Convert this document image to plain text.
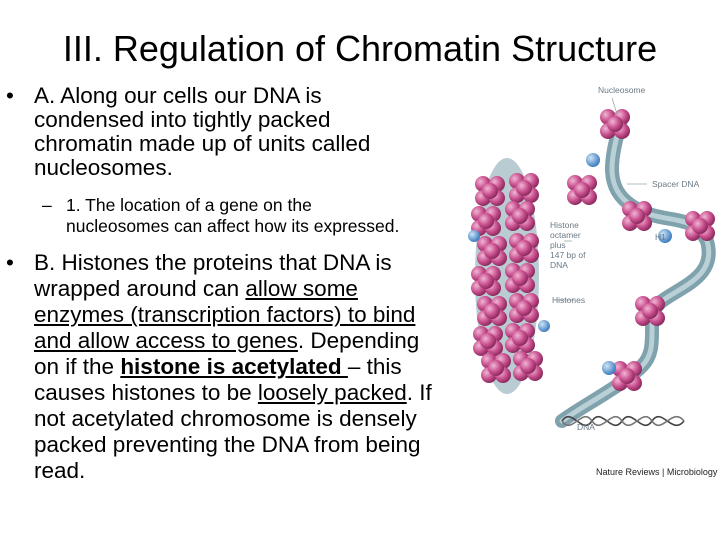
III. Regulation of Chromatin Structure
• A. Along our cells our DNA is
condensed into tightly packed
chromatin made up of units called
nucleosomes.
– 1. The location of a gene on the
nucleosomes can affect how its expressed.
• B. Histones the proteins that DNA is
wrapped around can allow some
enzymes (transcription factors) to bind
and allow access to genes. Depending
on if the histone is acetylated – this
causes histones to be loosely packed. If
not acetylated chromosome is densely
packed preventing the DNA from being
read.
Nucleosome
Spacer DNA
Histone
octamer
plus
147 bp of
DNA
Histones
H1
DNA
Nature Reviews | Microbiology
